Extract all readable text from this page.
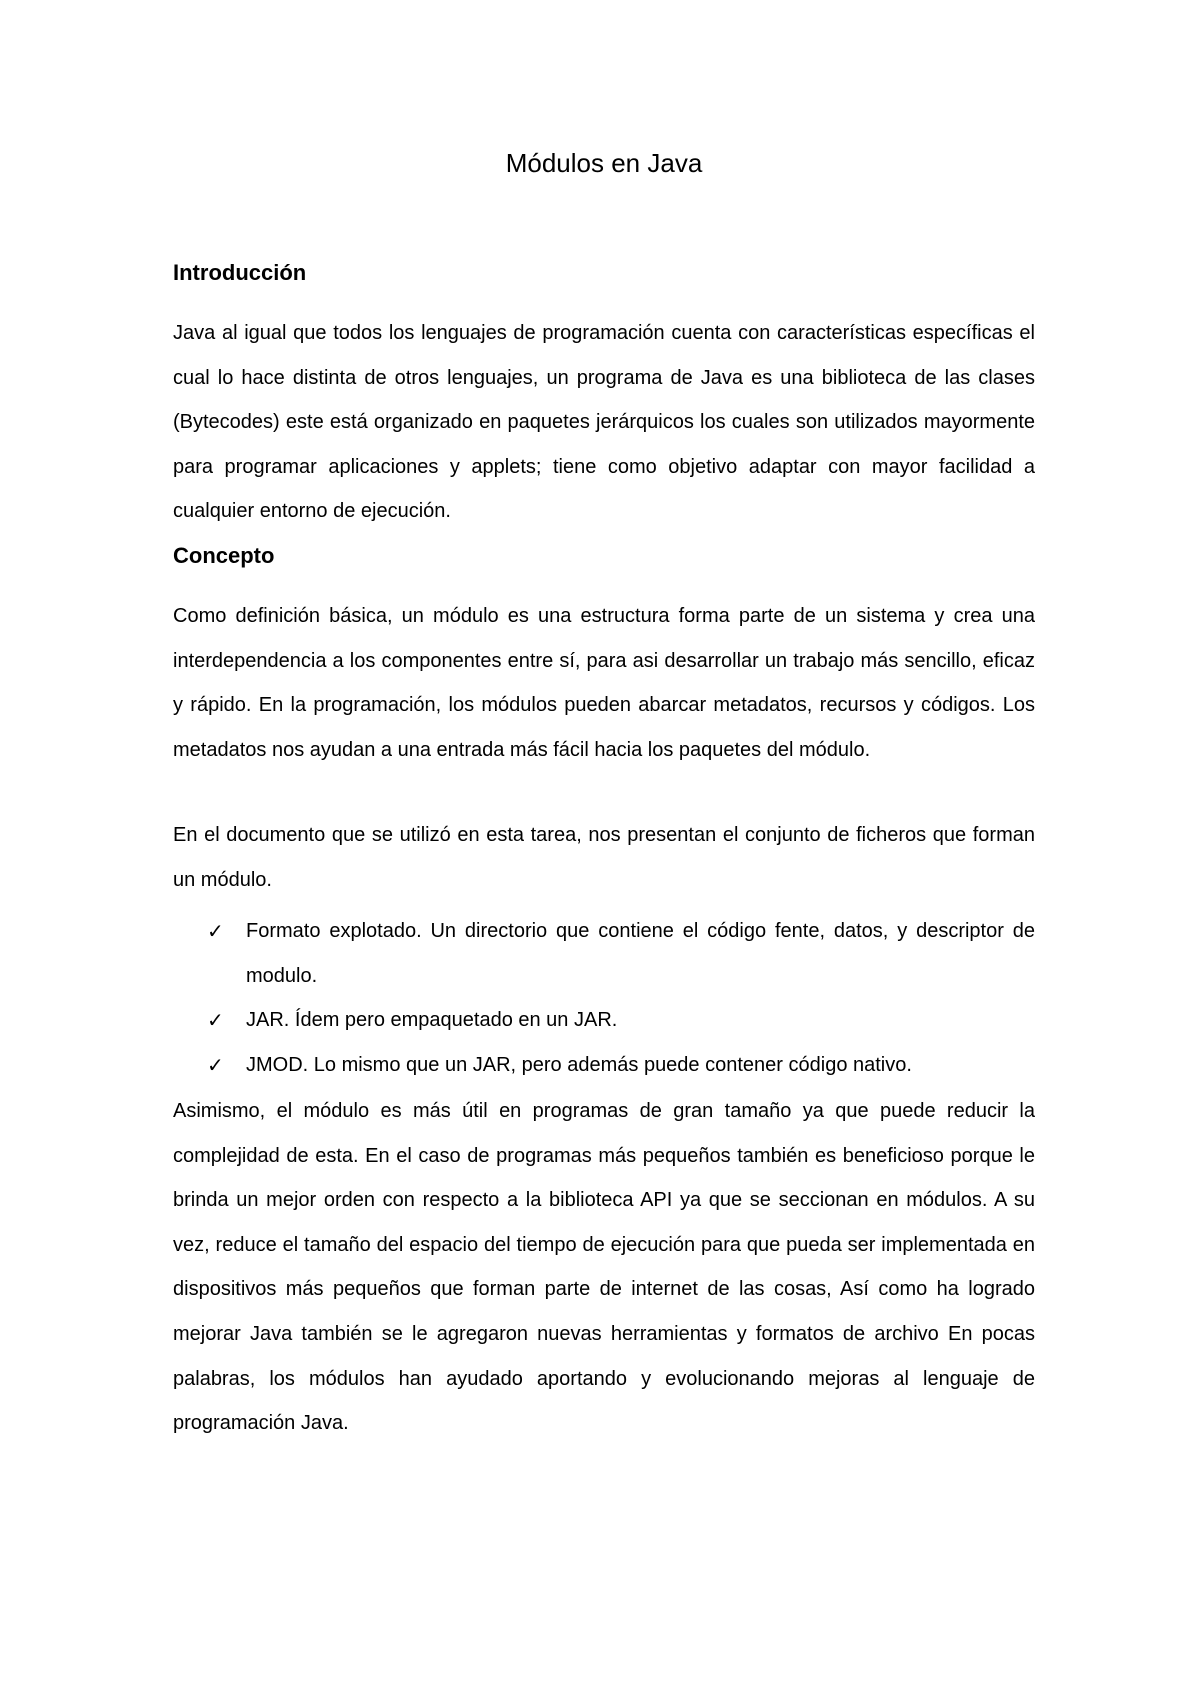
Módulos en Java
Introducción

Java al igual que todos los lenguajes de programación cuenta con características específicas el cual lo hace distinta de otros lenguajes, un programa de Java es una biblioteca de las clases (Bytecodes) este está organizado en paquetes jerárquicos los cuales son utilizados mayormente para programar aplicaciones y applets; tiene como objetivo adaptar con mayor facilidad a cualquier entorno de ejecución.

Concepto

Como definición básica, un módulo es una estructura forma parte de un sistema y crea una interdependencia a los componentes entre sí, para asi desarrollar un trabajo más sencillo, eficaz y rápido. En la programación, los módulos pueden abarcar metadatos, recursos y códigos. Los metadatos nos ayudan a una entrada más fácil hacia los paquetes del módulo.

En el documento que se utilizó en esta tarea, nos presentan el conjunto de ficheros que forman un módulo.

✓ Formato explotado. Un directorio que contiene el código fente, datos, y descriptor de modulo.
✓ JAR. Ídem pero empaquetado en un JAR.
✓ JMOD. Lo mismo que un JAR, pero además puede contener código nativo.

Asimismo, el módulo es más útil en programas de gran tamaño ya que puede reducir la complejidad de esta. En el caso de programas más pequeños también es beneficioso porque le brinda un mejor orden con respecto a la biblioteca API ya que se seccionan en módulos. A su vez, reduce el tamaño del espacio del tiempo de ejecución para que pueda ser implementada en dispositivos más pequeños que forman parte de internet de las cosas, Así como ha logrado mejorar Java también se le agregaron nuevas herramientas y formatos de archivo En pocas palabras, los módulos han ayudado aportando y evolucionando mejoras al lenguaje de programación Java.
